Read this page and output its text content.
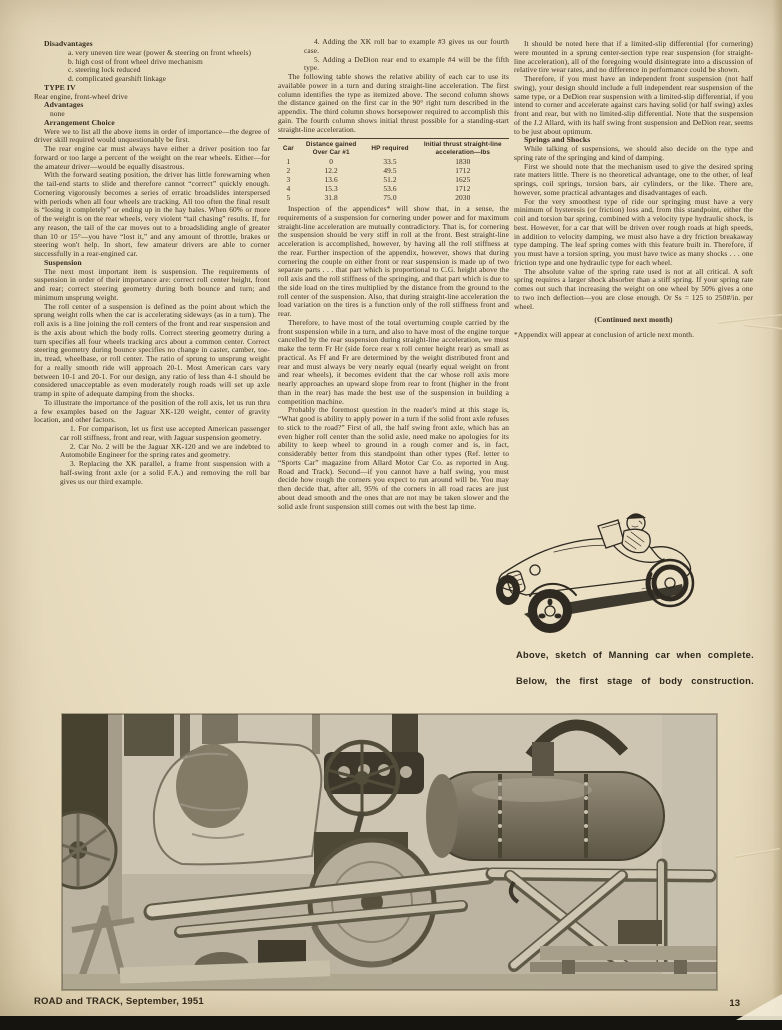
Disadvantages

a. very uneven tire wear (power & steering on front wheels)

b. high cost of front wheel drive mechanism

c. steering lock reduced

d. complicated gearshift linkage

TYPE IV

Rear engine, front-wheel drive

Advantages

none

Arrangement Choice

Were we to list all the above items in order of importance—the degree of driver skill required would unquestionably be first.

The rear engine car must always have either a driver position too far forward or too large a percent of the weight on the rear wheels. Either—for the amateur driver—would be equally disastrous.

With the forward seating position, the driver has little forewarning when the tail-end starts to slide and therefore cannot “correct” quickly enough. Cornering vigorously becomes a series of erratic broadslides interspersed with periods when all four wheels are tracking. All too often the final result is “losing it completely” or ending up in the hay bales. When 60% or more of the weight is on the rear wheels, very violent “tail chasing” results. If, for any reason, the tail of the car moves out to a broadsliding angle of greater than 10 or 15°—you have “lost it,” and any amount of throttle, brakes or steering won't help. In short, few amateur drivers are able to corner successfully in a rear-engined car.

Suspension

The next most important item is suspension. The requirements of suspension in order of their importance are: correct roll center height, front and rear; correct steering geometry during both bounce and turn; and minimum unsprung weight.

The roll center of a suspension is defined as the point about which the sprung weight rolls when the car is accelerating sideways (as in a turn). The roll axis is a line joining the roll centers of the front and rear suspension and is the axis about which the body rolls. Correct steering geometry during a turn specifies all four wheels tracking arcs about a common center. Correct steering geometry during bounce specifies no change in caster, camber, toe-in, tread, wheelbase, or roll center. The ratio of sprung to unsprung weight for a really smooth ride will approach 20-1. Most American cars vary between 10-1 and 20-1. For our design, any ratio of less than 4-1 should be considered unacceptable as even moderately rough roads will set up axle tramp in spite of adequate damping from the shocks.

To illustrate the importance of the position of the roll axis, let us run thru a few examples based on the Jaguar XK-120 weight, center of gravity location, and other factors.

1. For comparison, let us first use accepted American passenger car roll stiffness, front and rear, with Jaguar suspension geometry.

2. Car No. 2 will be the Jaguar XK-120 and we are indebted to Automobile Engineer for the spring rates and geometry.

3. Replacing the XK parallel, a frame front suspension with a half-swing front axle (or a solid F.A.) and removing the roll bar gives us our third example.

4. Adding the XK roll bar to example #3 gives us our fourth case.

5. Adding a DeDion rear end to example #4 will be the fifth type.

The following table shows the relative ability of each car to use its available power in a turn and during straight-line acceleration. The first column identifies the type as itemized above. The second column shows the distance gained on the first car in the 90° right turn described in the appendix. The third column shows horsepower required to accomplish this gain. The fourth column shows initial thrust possible for a standing-start straight-line acceleration.

Car	Distance gained Over Car #1	HP required	Initial thrust straight-line acceleration—lbs
1	0	33.5	1830
2	12.2	49.5	1712
3	13.6	51.2	1625
4	15.3	53.6	1712
5	31.8	75.0	2030

Inspection of the appendices* will show that, in a sense, the requirements of a suspension for cornering under power and for maximum straight-line acceleration are mutually contradictory. That is, for cornering the suspension should be very stiff in roll at the front. Best straight-line acceleration is accomplished, however, by having all the roll stiffness at the rear. Further inspection of the appendix, however, shows that during cornering the couple on either front or rear suspension is made up of two separate parts . . . that part which is proportional to C.G. height above the roll axis and the roll stiffness of the springing, and that part which is due to the side load on the tires multiplied by the distance from the ground to the roll center of the suspension. Also, that during straight-line acceleration the load variation on the tires is a function only of the roll stiffness front and rear.

Therefore, to have most of the total overturning couple carried by the front suspension while in a turn, and also to have most of the engine torque cancelled by the rear suspension during straight-line acceleration, we must make the term Fr Hr (side force rear x roll center height rear) as small as practical. As Ff and Fr are determined by the weight distributed front and rear and must always be very nearly equal (nearly equal weight on front and rear wheels), it becomes evident that the car whose roll axis more nearly approaches an upward slope from rear to front (higher in the front than in the rear) has made the best use of the suspension in building a competition machine.

Probably the foremost question in the reader's mind at this stage is, “What good is ability to apply power in a turn if the solid front axle refuses to stick to the road?” First of all, the half swing front axle, which has an even higher roll center than the solid axle, need make no apologies for its ability to keep wheel to ground in a rough corner and is, in fact, considerably better from this standpoint than other types (Ref. letter to “Sports Car” magazine from Allard Motor Car Co. as reported in Aug. Road and Track). Second—if you cannot have a half swing, you must decide how rough the corners you expect to run around will be. You may then decide that, after all, 95% of the corners in all road races are just about dead smooth and the ones that are not may be taken slower and the solid axle front suspension still comes out with the best lap time.

It should be noted here that if a limited-slip differential (for cornering) were mounted in a sprung center-section type rear suspension (for straight-line acceleration), all of the foregoing would disintegrate into a discussion of relative tire wear rates, and no difference in performance could be shown.

Therefore, if you must have an independent front suspension (not half swing), your design should include a full independent rear suspension of the same type, or a DeDion rear suspension with a limited-slip differential, if you intend to corner and accelerate against cars having solid (or half swing) axles front and rear, but with no limited-slip differential. Note that the suspension of the J.2 Allard, with its half swing front suspension and DeDion rear, seems to be just about optimum.

Springs and Shocks

While talking of suspensions, we should also decide on the type and spring rate of the springing and kind of damping.

First we should note that the mechanism used to give the desired spring rate matters little. There is no theoretical advantage, one to the other, of leaf springs, coil springs, torsion bars, air cylinders, or the like. There are, however, some practical advantages and disadvantages of each.

For the very smoothest type of ride our springing must have a very minimum of hysteresis (or friction) loss and, from this standpoint, either the coil and torsion bar spring, combined with a velocity type hydraulic shock, is best. However, for a car that will be driven over rough roads at high speeds, in addition to velocity damping, we must also have a dry friction breakaway type damping. The leaf spring comes with this feature built in. Therefore, if you must have a torsion spring, you must have twice as many shocks . . . one friction type and one hydraulic type for each wheel.

The absolute value of the spring rate used is not at all critical. A soft spring requires a larger shock absorber than a stiff spring. If your spring rate comes out such that increasing the weight on one wheel by 50% gives a one to two inch deflection—you are close enough. Or Ss = 125 to 250#/in. per wheel.

(Continued next month)

*Appendix will appear at conclusion of article next month.

Above, sketch of Manning car when complete.
Below, the first stage of body construction.
ROAD and TRACK, September, 1951	13
